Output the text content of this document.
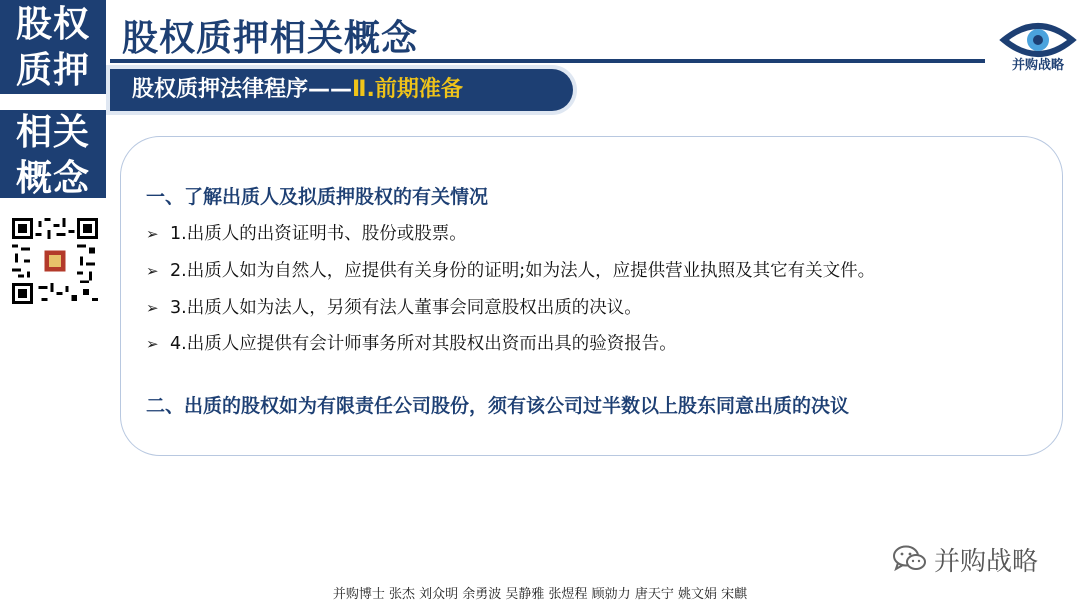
股权
质押
相关
概念
股权质押相关概念
并购战略
股权质押法律程序——Ⅱ.前期准备
一、了解出质人及拟质押股权的有关情况
➢ 1.出质人的出资证明书、股份或股票。
➢ 2.出质人如为自然人，应提供有关身份的证明;如为法人，应提供营业执照及其它有关文件。
➢ 3.出质人如为法人，另须有法人董事会同意股权出质的决议。
➢ 4.出质人应提供有会计师事务所对其股权出资而出具的验资报告。
二、出质的股权如为有限责任公司股份，须有该公司过半数以上股东同意出质的决议
并购战略
并购博士 张杰 刘众明 余勇波 吴静雅 张煜程 顾勍力 唐天宁 姚文娟 宋麒
